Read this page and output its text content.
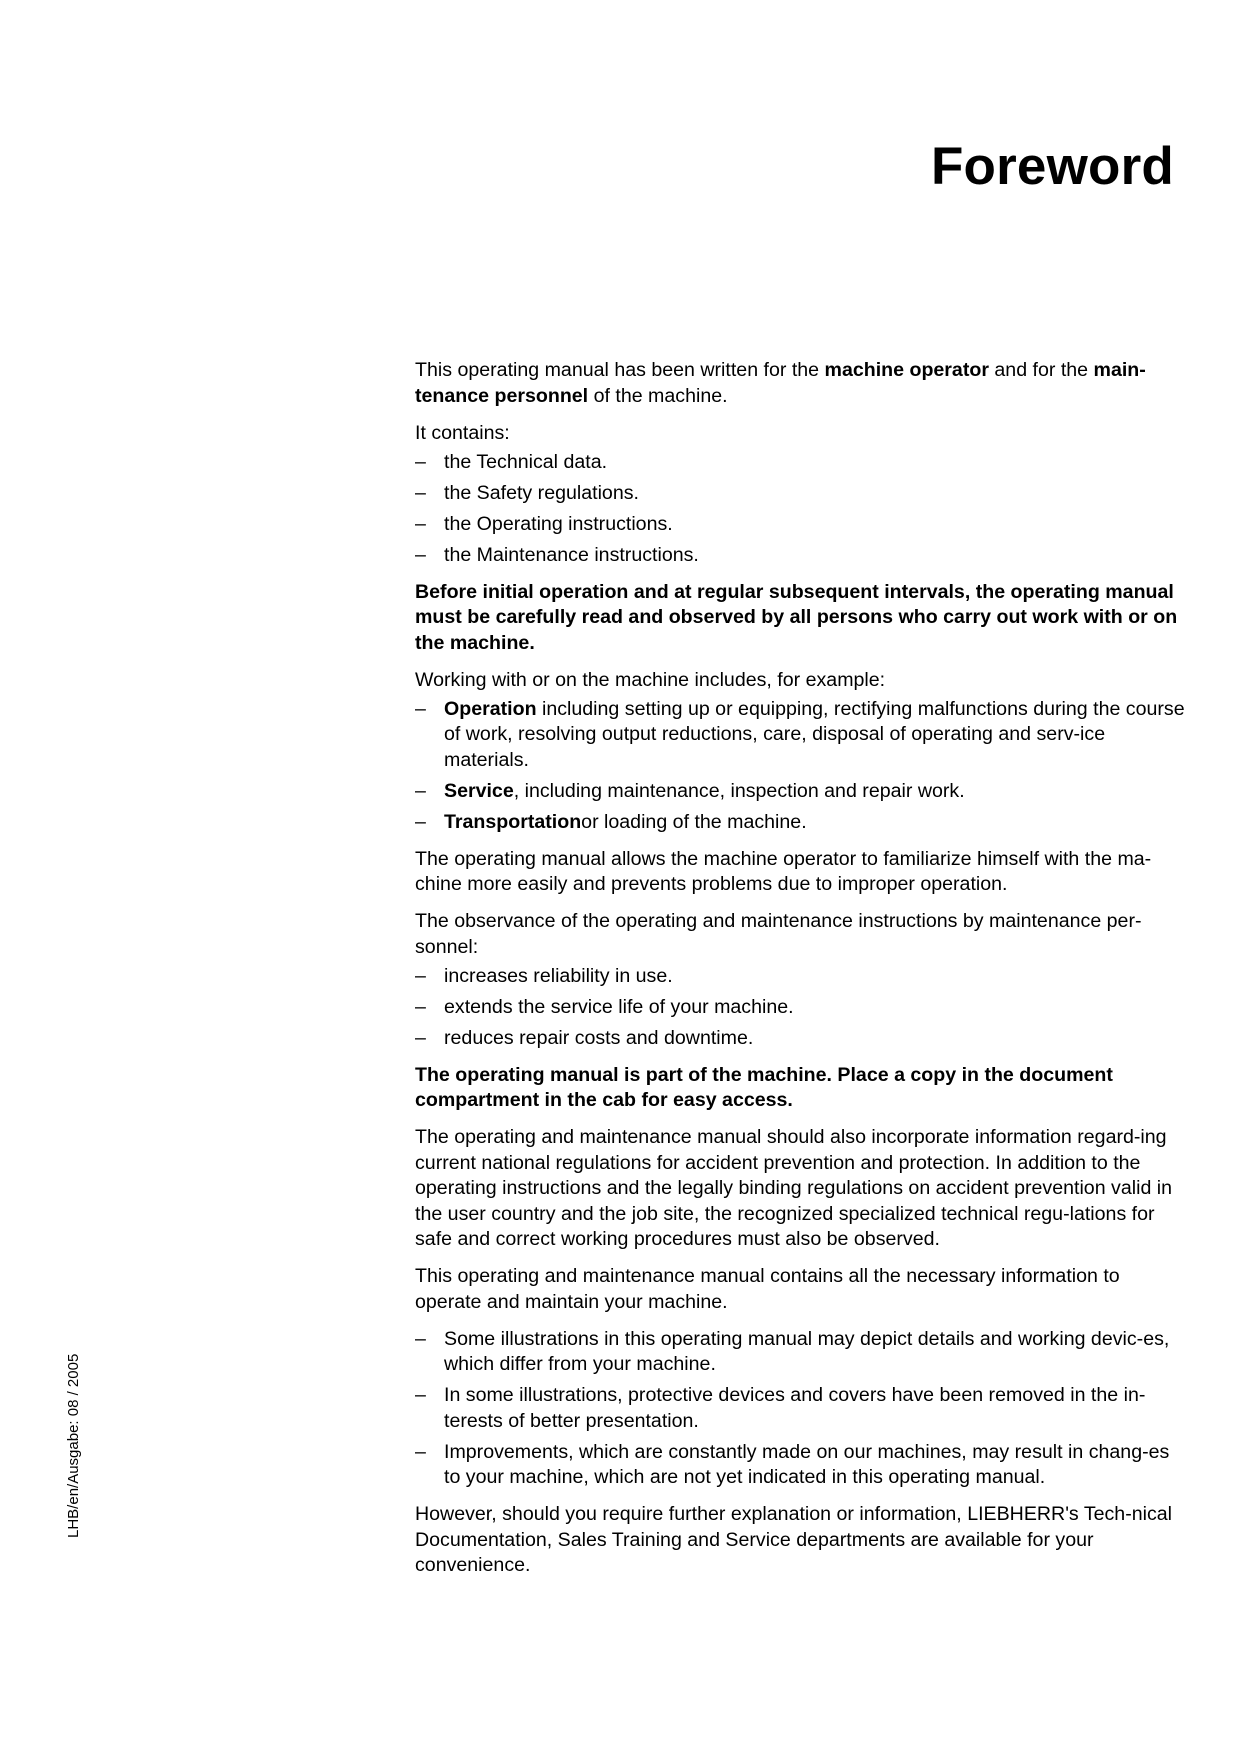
Foreword
LHB/en/Ausgabe: 08 / 2005

This operating manual has been written for the machine operator and for the main-tenance personnel of the machine.

It contains:

– the Technical data.
– the Safety regulations.
– the Operating instructions.
– the Maintenance instructions.

Before initial operation and at regular subsequent intervals, the operating manual must be carefully read and observed by all persons who carry out work with or on the machine.

Working with or on the machine includes, for example:

– Operation including setting up or equipping, rectifying malfunctions during the course of work, resolving output reductions, care, disposal of operating and serv-ice materials.
– Service, including maintenance, inspection and repair work.
– Transportationor loading of the machine.

The operating manual allows the machine operator to familiarize himself with the ma-chine more easily and prevents problems due to improper operation.

The observance of the operating and maintenance instructions by maintenance per-sonnel:

– increases reliability in use.
– extends the service life of your machine.
– reduces repair costs and downtime.

The operating manual is part of the machine. Place a copy in the document compartment in the cab for easy access.

The operating and maintenance manual should also incorporate information regard-ing current national regulations for accident prevention and protection. In addition to the operating instructions and the legally binding regulations on accident prevention valid in the user country and the job site, the recognized specialized technical regu-lations for safe and correct working procedures must also be observed.

This operating and maintenance manual contains all the necessary information to operate and maintain your machine.

– Some illustrations in this operating manual may depict details and working devic-es, which differ from your machine.
– In some illustrations, protective devices and covers have been removed in the in-terests of better presentation.
– Improvements, which are constantly made on our machines, may result in chang-es to your machine, which are not yet indicated in this operating manual.

However, should you require further explanation or information, LIEBHERR's Tech-nical Documentation, Sales Training and Service departments are available for your convenience.
